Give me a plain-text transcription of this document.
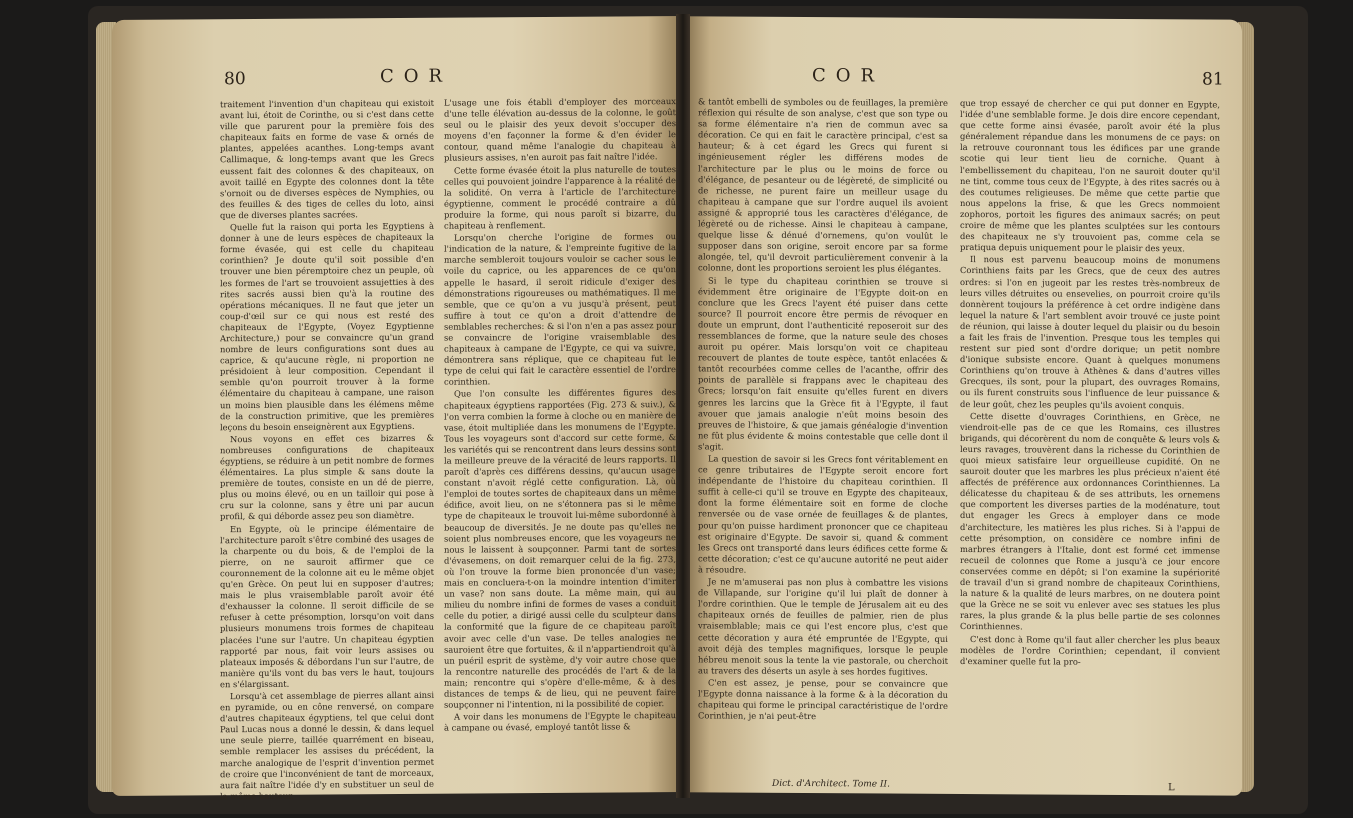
80	COR

traitement l'invention d'un chapiteau qui existoit avant lui, étoit de Corinthe, ou si c'est dans cette ville que parurent pour la première fois des chapiteaux faits en forme de vase & ornés de plantes, appelées acanthes. Long-temps avant Callimaque, & long-temps avant que les Grecs eussent fait des colonnes & des chapiteaux, on avoit taillé en Egypte des colonnes dont la tête s'ornoit ou de diverses espèces de Nymphies, ou des feuilles & des tiges de celles du loto, ainsi que de diverses plantes sacrées.

Quelle fut la raison qui porta les Egyptiens à donner à une de leurs espèces de chapiteaux la forme évasée, qui est celle du chapiteau corinthien? Je doute qu'il soit possible d'en trouver une bien péremptoire chez un peuple, où les formes de l'art se trouvoient assujetties à des rites sacrés aussi bien qu'à la routine des opérations mécaniques. Il ne faut que jeter un coup-d'œil sur ce qui nous est resté des chapiteaux de l'Egypte, (Voyez Egyptienne Architecture,) pour se convaincre qu'un grand nombre de leurs configurations sont dues au caprice, & qu'aucune règle, ni proportion ne présidoient à leur composition. Cependant il semble qu'on pourroit trouver à la forme élémentaire du chapiteau à campane, une raison un moins bien plausible dans les élémens même de la construction primitive, que les premières leçons du besoin enseignèrent aux Egyptiens.

Nous voyons en effet ces bizarres & nombreuses configurations de chapiteaux égyptiens, se réduire à un petit nombre de formes élémentaires. La plus simple & sans doute la première de toutes, consiste en un dé de pierre, plus ou moins élevé, ou en un tailloir qui pose à cru sur la colonne, sans y être uni par aucun profil, & qui déborde assez peu son diamètre.

En Egypte, où le principe élémentaire de l'architecture paroît s'être combiné des usages de la charpente ou du bois, & de l'emploi de la pierre, on ne sauroit affirmer que ce couronnement de la colonne ait eu le même objet qu'en Grèce. On peut lui en supposer d'autres; mais le plus vraisemblable paroît avoir été d'exhausser la colonne. Il seroit difficile de se refuser à cette présomption, lorsqu'on voit dans plusieurs monumens trois formes de chapiteau placées l'une sur l'autre. Un chapiteau égyptien rapporté par nous, fait voir leurs assises ou plateaux imposés & débordans l'un sur l'autre, de manière qu'ils vont du bas vers le haut, toujours en s'élargissant.

Lorsqu'à cet assemblage de pierres allant ainsi en pyramide, ou en cône renversé, on compare d'autres chapiteaux égyptiens, tel que celui dont Paul Lucas nous a donné le dessin, & dans lequel une seule pierre, taillée quarrément en biseau, semble remplacer les assises du précédent, la marche analogique de l'esprit d'invention permet de croire que l'inconvénient de tant de morceaux, aura fait naître l'idée d'y en substituer un seul de la même hauteur.

L'usage une fois établi d'employer des morceaux d'une telle élévation au-dessus de la colonne, le goût seul ou le plaisir des yeux devoit s'occuper des moyens d'en façonner la forme & d'en évider le contour, quand même l'analogie du chapiteau à plusieurs assises, n'en auroit pas fait naître l'idée.

Cette forme évasée étoit la plus naturelle de toutes celles qui pouvoient joindre l'apparence à la réalité de la solidité. On verra à l'article de l'architecture égyptienne, comment le procédé contraire a dû produire la forme, qui nous paroît si bizarre, du chapiteau à renflement.

Lorsqu'on cherche l'origine de formes ou l'indication de la nature, & l'empreinte fugitive de la marche sembleroit toujours vouloir se cacher sous le voile du caprice, ou les apparences de ce qu'on appelle le hasard, il seroit ridicule d'exiger des démonstrations rigoureuses ou mathématiques. Il me semble, que ce qu'on a vu jusqu'à présent, peut suffire à tout ce qu'on a droit d'attendre de semblables recherches: & si l'on n'en a pas assez pour se convaincre de l'origine vraisemblable des chapiteaux à campane de l'Egypte, ce qui va suivre, démontrera sans réplique, que ce chapiteau fut le type de celui qui fait le caractère essentiel de l'ordre corinthien.

Que l'on consulte les différentes figures des chapiteaux égyptiens rapportées (Fig. 273 & suiv.), & l'on verra combien la forme à cloche ou en manière de vase, étoit multipliée dans les monumens de l'Egypte. Tous les voyageurs sont d'accord sur cette forme, & les variétés qui se rencontrent dans leurs dessins sont la meilleure preuve de la véracité de leurs rapports. Il paroît d'après ces différens dessins, qu'aucun usage constant n'avoit réglé cette configuration. Là, où l'emploi de toutes sortes de chapiteaux dans un même édifice, avoit lieu, on ne s'étonnera pas si le même type de chapiteaux le trouvoit lui-même subordonné à beaucoup de diversités. Je ne doute pas qu'elles ne soient plus nombreuses encore, que les voyageurs ne nous le laissent à soupçonner. Parmi tant de sortes d'évasemens, on doit remarquer celui de la fig. 273, où l'on trouve la forme bien prononcée d'un vase; mais en concluera-t-on la moindre intention d'imiter un vase? non sans doute. La même main, qui au milieu du nombre infini de formes de vases a conduit celle du potier, a dirigé aussi celle du sculpteur dans la conformité que la figure de ce chapiteau paroît avoir avec celle d'un vase. De telles analogies ne sauroient être que fortuites, & il n'appartiendroit qu'à un puéril esprit de système, d'y voir autre chose que la rencontre naturelle des procédés de l'art & de la main; rencontre qui s'opère d'elle-même, & à des distances de temps & de lieu, qui ne peuvent faire soupçonner ni l'intention, ni la possibilité de copier.

A voir dans les monumens de l'Egypte le chapiteau à campane ou évasé, employé tantôt lisse &

COR	81

& tantôt embelli de symboles ou de feuillages, la première réflexion qui résulte de son analyse, c'est que son type ou sa forme élémentaire n'a rien de commun avec sa décoration. Ce qui en fait le caractère principal, c'est sa hauteur; & à cet égard les Grecs qui furent si ingénieusement régler les différens modes de l'architecture par le plus ou le moins de force ou d'élégance, de pesanteur ou de légèreté, de simplicité ou de richesse, ne purent faire un meilleur usage du chapiteau à campane que sur l'ordre auquel ils avoient assigné & approprié tous les caractères d'élégance, de légèreté ou de richesse. Ainsi le chapiteau à campane, quelque lisse & dénué d'ornemens, qu'on voulût le supposer dans son origine, seroit encore par sa forme alongée, tel, qu'il devroit particulièrement convenir à la colonne, dont les proportions seroient les plus élégantes.

Si le type du chapiteau corinthien se trouve si évidemment être originaire de l'Egypte doit-on en conclure que les Grecs l'ayent été puiser dans cette source? Il pourroit encore être permis de révoquer en doute un emprunt, dont l'authenticité reposeroit sur des ressemblances de forme, que la nature seule des choses auroit pu opérer. Mais lorsqu'on voit ce chapiteau recouvert de plantes de toute espèce, tantôt enlacées & tantôt recourbées comme celles de l'acanthe, offrir des points de parallèle si frappans avec le chapiteau des Grecs; lorsqu'on fait ensuite qu'elles furent en divers genres les larcins que la Grèce fit à l'Egypte, il faut avouer que jamais analogie n'eût moins besoin des preuves de l'histoire, & que jamais généalogie d'invention ne fût plus évidente & moins contestable que celle dont il s'agit.

La question de savoir si les Grecs font véritablement en ce genre tributaires de l'Egypte seroit encore fort indépendante de l'histoire du chapiteau corinthien. Il suffit à celle-ci qu'il se trouve en Egypte des chapiteaux, dont la forme élémentaire soit en forme de cloche renversée ou de vase ornée de feuillages & de plantes, pour qu'on puisse hardiment prononcer que ce chapiteau est originaire d'Egypte. De savoir si, quand & comment les Grecs ont transporté dans leurs édifices cette forme & cette décoration; c'est ce qu'aucune autorité ne peut aider à résoudre.

Je ne m'amuserai pas non plus à combattre les visions de Villapande, sur l'origine qu'il lui plaît de donner à l'ordre corinthien. Que le temple de Jérusalem ait eu des chapiteaux ornés de feuilles de palmier, rien de plus vraisemblable; mais ce qui l'est encore plus, c'est que cette décoration y aura été empruntée de l'Egypte, qui avoit déjà des temples magnifiques, lorsque le peuple hébreu menoit sous la tente la vie pastorale, ou cherchoit au travers des déserts un asyle à ses hordes fugitives.

C'en est assez, je pense, pour se convaincre que l'Egypte donna naissance à la forme & à la décoration du chapiteau qui forme le principal caractéristique de l'ordre Corinthien, je n'ai peut-être

que trop essayé de chercher ce qui put donner en Egypte, l'idée d'une semblable forme. Je dois dire encore cependant, que cette forme ainsi évasée, paroît avoir été la plus généralement répandue dans les monumens de ce pays: on la retrouve couronnant tous les édifices par une grande scotie qui leur tient lieu de corniche. Quant à l'embellissement du chapiteau, l'on ne sauroit douter qu'il ne tint, comme tous ceux de l'Egypte, à des rites sacrés ou à des coutumes religieuses. De même que cette partie que nous appelons la frise, & que les Grecs nommoient zophoros, portoit les figures des animaux sacrés; on peut croire de même que les plantes sculptées sur les contours des chapiteaux ne s'y trouvoient pas, comme cela se pratiqua depuis uniquement pour le plaisir des yeux.

Il nous est parvenu beaucoup moins de monumens Corinthiens faits par les Grecs, que de ceux des autres ordres: si l'on en jugeoit par les restes très-nombreux de leurs villes détruites ou ensevelies, on pourroit croire qu'ils donnèrent toujours la préférence à cet ordre indigène dans lequel la nature & l'art semblent avoir trouvé ce juste point de réunion, qui laisse à douter lequel du plaisir ou du besoin a fait les frais de l'invention. Presque tous les temples qui restent sur pied sont d'ordre dorique; un petit nombre d'ionique subsiste encore. Quant à quelques monumens Corinthiens qu'on trouve à Athènes & dans d'autres villes Grecques, ils sont, pour la plupart, des ouvrages Romains, ou ils furent construits sous l'influence de leur puissance & de leur goût, chez les peuples qu'ils avoient conquis.

Cette disette d'ouvrages Corinthiens, en Grèce, ne viendroit-elle pas de ce que les Romains, ces illustres brigands, qui décorèrent du nom de conquête & leurs vols & leurs ravages, trouvèrent dans la richesse du Corinthien de quoi mieux satisfaire leur orgueilleuse cupidité. On ne sauroit douter que les marbres les plus précieux n'aient été affectés de préférence aux ordonnances Corinthiennes. La délicatesse du chapiteau & de ses attributs, les ornemens que comportent les diverses parties de la modénature, tout dut engager les Grecs à employer dans ce mode d'architecture, les matières les plus riches. Si à l'appui de cette présomption, on considère ce nombre infini de marbres étrangers à l'Italie, dont est formé cet immense recueil de colonnes que Rome a jusqu'à ce jour encore conservées comme en dépôt; si l'on examine la supériorité de travail d'un si grand nombre de chapiteaux Corinthiens, la nature & la qualité de leurs marbres, on ne doutera point que la Grèce ne se soit vu enlever avec ses statues les plus rares, la plus grande & la plus belle partie de ses colonnes Corinthiennes.

C'est donc à Rome qu'il faut aller chercher les plus beaux modèles de l'ordre Corinthien; cependant, il convient d'examiner quelle fut la pro-

Dict. d'Architect. Tome II.	L
